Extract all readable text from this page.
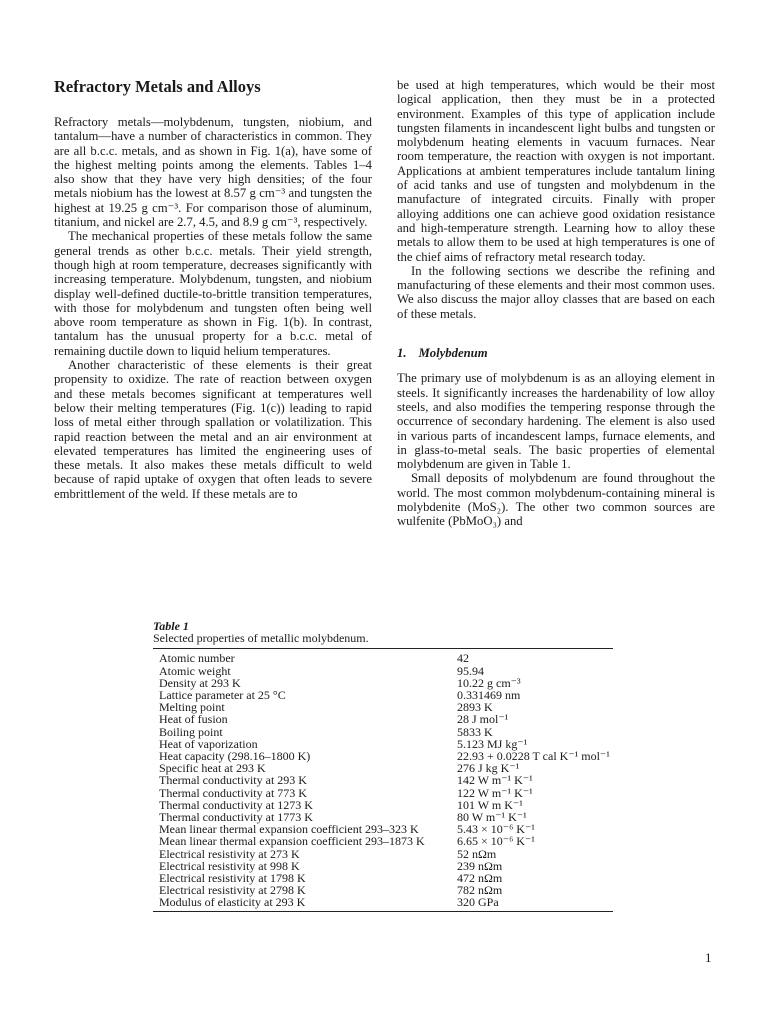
Refractory Metals and Alloys

Refractory metals—molybdenum, tungsten, niobium, and tantalum—have a number of characteristics in common. They are all b.c.c. metals, and as shown in Fig. 1(a), have some of the highest melting points among the elements. Tables 1–4 also show that they have very high densities; of the four metals niobium has the lowest at 8.57 g cm⁻³ and tungsten the highest at 19.25 g cm⁻³. For comparison those of aluminum, titanium, and nickel are 2.7, 4.5, and 8.9 g cm⁻³, respectively.

The mechanical properties of these metals follow the same general trends as other b.c.c. metals. Their yield strength, though high at room temperature, decreases significantly with increasing temperature. Molybdenum, tungsten, and niobium display well-defined ductile-to-brittle transition temperatures, with those for molybdenum and tungsten often being well above room temperature as shown in Fig. 1(b). In contrast, tantalum has the unusual property for a b.c.c. metal of remaining ductile down to liquid helium temperatures.

Another characteristic of these elements is their great propensity to oxidize. The rate of reaction between oxygen and these metals becomes significant at temperatures well below their melting temperatures (Fig. 1(c)) leading to rapid loss of metal either through spallation or volatilization. This rapid reaction between the metal and an air environment at elevated temperatures has limited the engineering uses of these metals. It also makes these metals difficult to weld because of rapid uptake of oxygen that often leads to severe embrittlement of the weld. If these metals are to

be used at high temperatures, which would be their most logical application, then they must be in a protected environment. Examples of this type of application include tungsten filaments in incandescent light bulbs and tungsten or molybdenum heating elements in vacuum furnaces. Near room temperature, the reaction with oxygen is not important. Applications at ambient temperatures include tantalum lining of acid tanks and use of tungsten and molybdenum in the manufacture of integrated circuits. Finally with proper alloying additions one can achieve good oxidation resistance and high-temperature strength. Learning how to alloy these metals to allow them to be used at high temperatures is one of the chief aims of refractory metal research today.

In the following sections we describe the refining and manufacturing of these elements and their most common uses. We also discuss the major alloy classes that are based on each of these metals.

1. Molybdenum

The primary use of molybdenum is as an alloying element in steels. It significantly increases the hardenability of low alloy steels, and also modifies the tempering response through the occurrence of secondary hardening. The element is also used in various parts of incandescent lamps, furnace elements, and in glass-to-metal seals. The basic properties of elemental molybdenum are given in Table 1.

Small deposits of molybdenum are found throughout the world. The most common molybdenum-containing mineral is molybdenite (MoS₂). The other two common sources are wulfenite (PbMoO₃) and

Table 1
Selected properties of metallic molybdenum.
Atomic number	42
Atomic weight	95.94
Density at 293 K	10.22 g cm⁻³
Lattice parameter at 25 °C	0.331469 nm
Melting point	2893 K
Heat of fusion	28 J mol⁻¹
Boiling point	5833 K
Heat of vaporization	5.123 MJ kg⁻¹
Heat capacity (298.16–1800 K)	22.93 + 0.0228 T cal K⁻¹ mol⁻¹
Specific heat at 293 K	276 J kg K⁻¹
Thermal conductivity at 293 K	142 W m⁻¹ K⁻¹
Thermal conductivity at 773 K	122 W m⁻¹ K⁻¹
Thermal conductivity at 1273 K	101 W m K⁻¹
Thermal conductivity at 1773 K	80 W m⁻¹ K⁻¹
Mean linear thermal expansion coefficient 293–323 K	5.43 × 10⁻⁶ K⁻¹
Mean linear thermal expansion coefficient 293–1873 K	6.65 × 10⁻⁶ K⁻¹
Electrical resistivity at 273 K	52 nΩm
Electrical resistivity at 998 K	239 nΩm
Electrical resistivity at 1798 K	472 nΩm
Electrical resistivity at 2798 K	782 nΩm
Modulus of elasticity at 293 K	320 GPa
1
